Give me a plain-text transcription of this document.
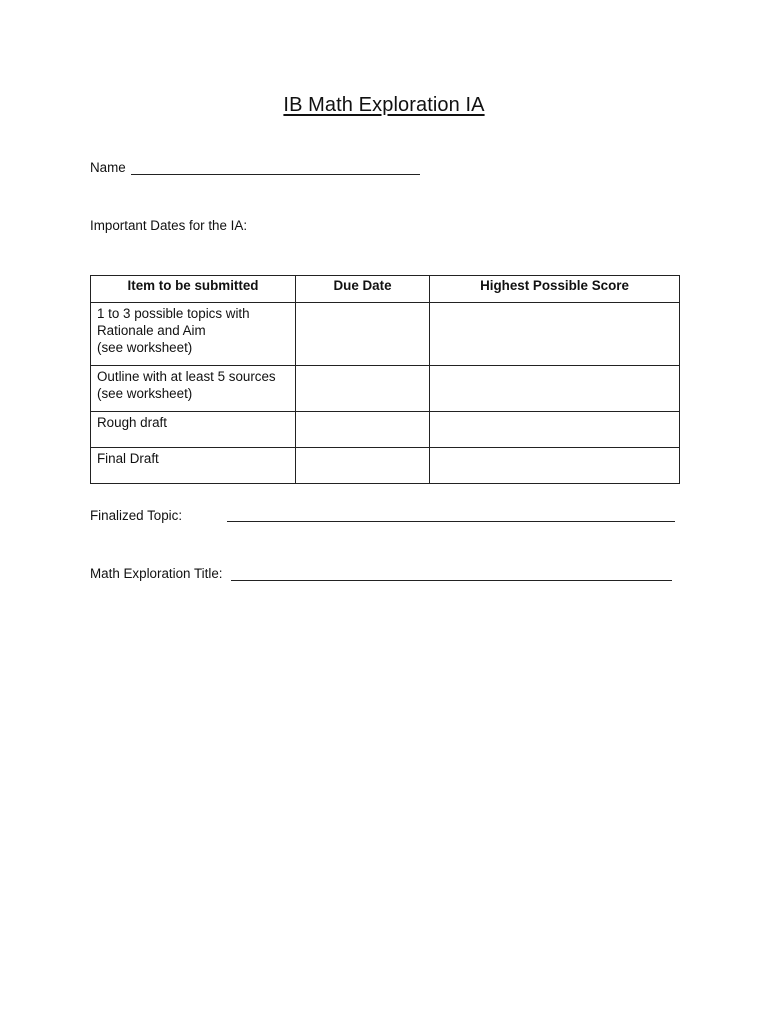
IB Math Exploration IA
Name
Important Dates for the IA:
Item to be submitted	Due Date	Highest Possible Score

1 to 3 possible topics with
Rationale and Aim
(see worksheet)		

Outline with at least 5 sources
(see worksheet)		

Rough draft		

Final Draft		

Finalized Topic:
Math Exploration Title:
